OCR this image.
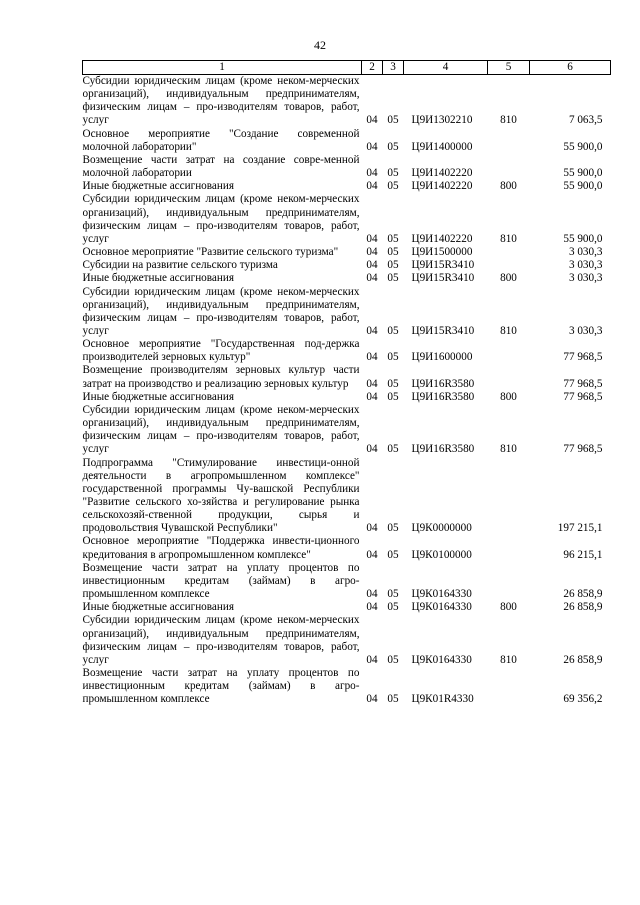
42
1	2	3	4	5	6
Субсидии юридическим лицам (кроме неком-мерческих организаций), индивидуальным предпринимателям, физическим лицам – про-изводителям товаров, работ, услуг	04	05	Ц9И1302210	810	7 063,5
Основное мероприятие "Создание современной молочной лаборатории"	04	05	Ц9И1400000		55 900,0
Возмещение части затрат на создание совре-менной молочной лаборатории	04	05	Ц9И1402220		55 900,0
Иные бюджетные ассигнования	04	05	Ц9И1402220	800	55 900,0
Субсидии юридическим лицам (кроме неком-мерческих организаций), индивидуальным предпринимателям, физическим лицам – про-изводителям товаров, работ, услуг	04	05	Ц9И1402220	810	55 900,0
Основное мероприятие "Развитие сельского туризма"	04	05	Ц9И1500000		3 030,3
Субсидии на развитие сельского туризма	04	05	Ц9И15R3410		3 030,3
Иные бюджетные ассигнования	04	05	Ц9И15R3410	800	3 030,3
Субсидии юридическим лицам (кроме неком-мерческих организаций), индивидуальным предпринимателям, физическим лицам – про-изводителям товаров, работ, услуг	04	05	Ц9И15R3410	810	3 030,3
Основное мероприятие "Государственная под-держка производителей зерновых культур"	04	05	Ц9И1600000		77 968,5
Возмещение производителям зерновых культур части затрат на производство и реализацию зерновых культур	04	05	Ц9И16R3580		77 968,5
Иные бюджетные ассигнования	04	05	Ц9И16R3580	800	77 968,5
Субсидии юридическим лицам (кроме неком-мерческих организаций), индивидуальным предпринимателям, физическим лицам – про-изводителям товаров, работ, услуг	04	05	Ц9И16R3580	810	77 968,5
Подпрограмма "Стимулирование инвестици-онной деятельности в агропромышленном комплексе" государственной программы Чу-вашской Республики "Развитие сельского хо-зяйства и регулирование рынка сельскохозяй-ственной продукции, сырья и продовольствия Чувашской Республики"	04	05	Ц9К0000000		197 215,1
Основное мероприятие "Поддержка инвести-ционного кредитования в агропромышленном комплексе"	04	05	Ц9К0100000		96 215,1
Возмещение части затрат на уплату процентов по инвестиционным кредитам (займам) в агро-промышленном комплексе	04	05	Ц9К0164330		26 858,9
Иные бюджетные ассигнования	04	05	Ц9К0164330	800	26 858,9
Субсидии юридическим лицам (кроме неком-мерческих организаций), индивидуальным предпринимателям, физическим лицам – про-изводителям товаров, работ, услуг	04	05	Ц9К0164330	810	26 858,9
Возмещение части затрат на уплату процентов по инвестиционным кредитам (займам) в агро-промышленном комплексе	04	05	Ц9К01R4330		69 356,2
